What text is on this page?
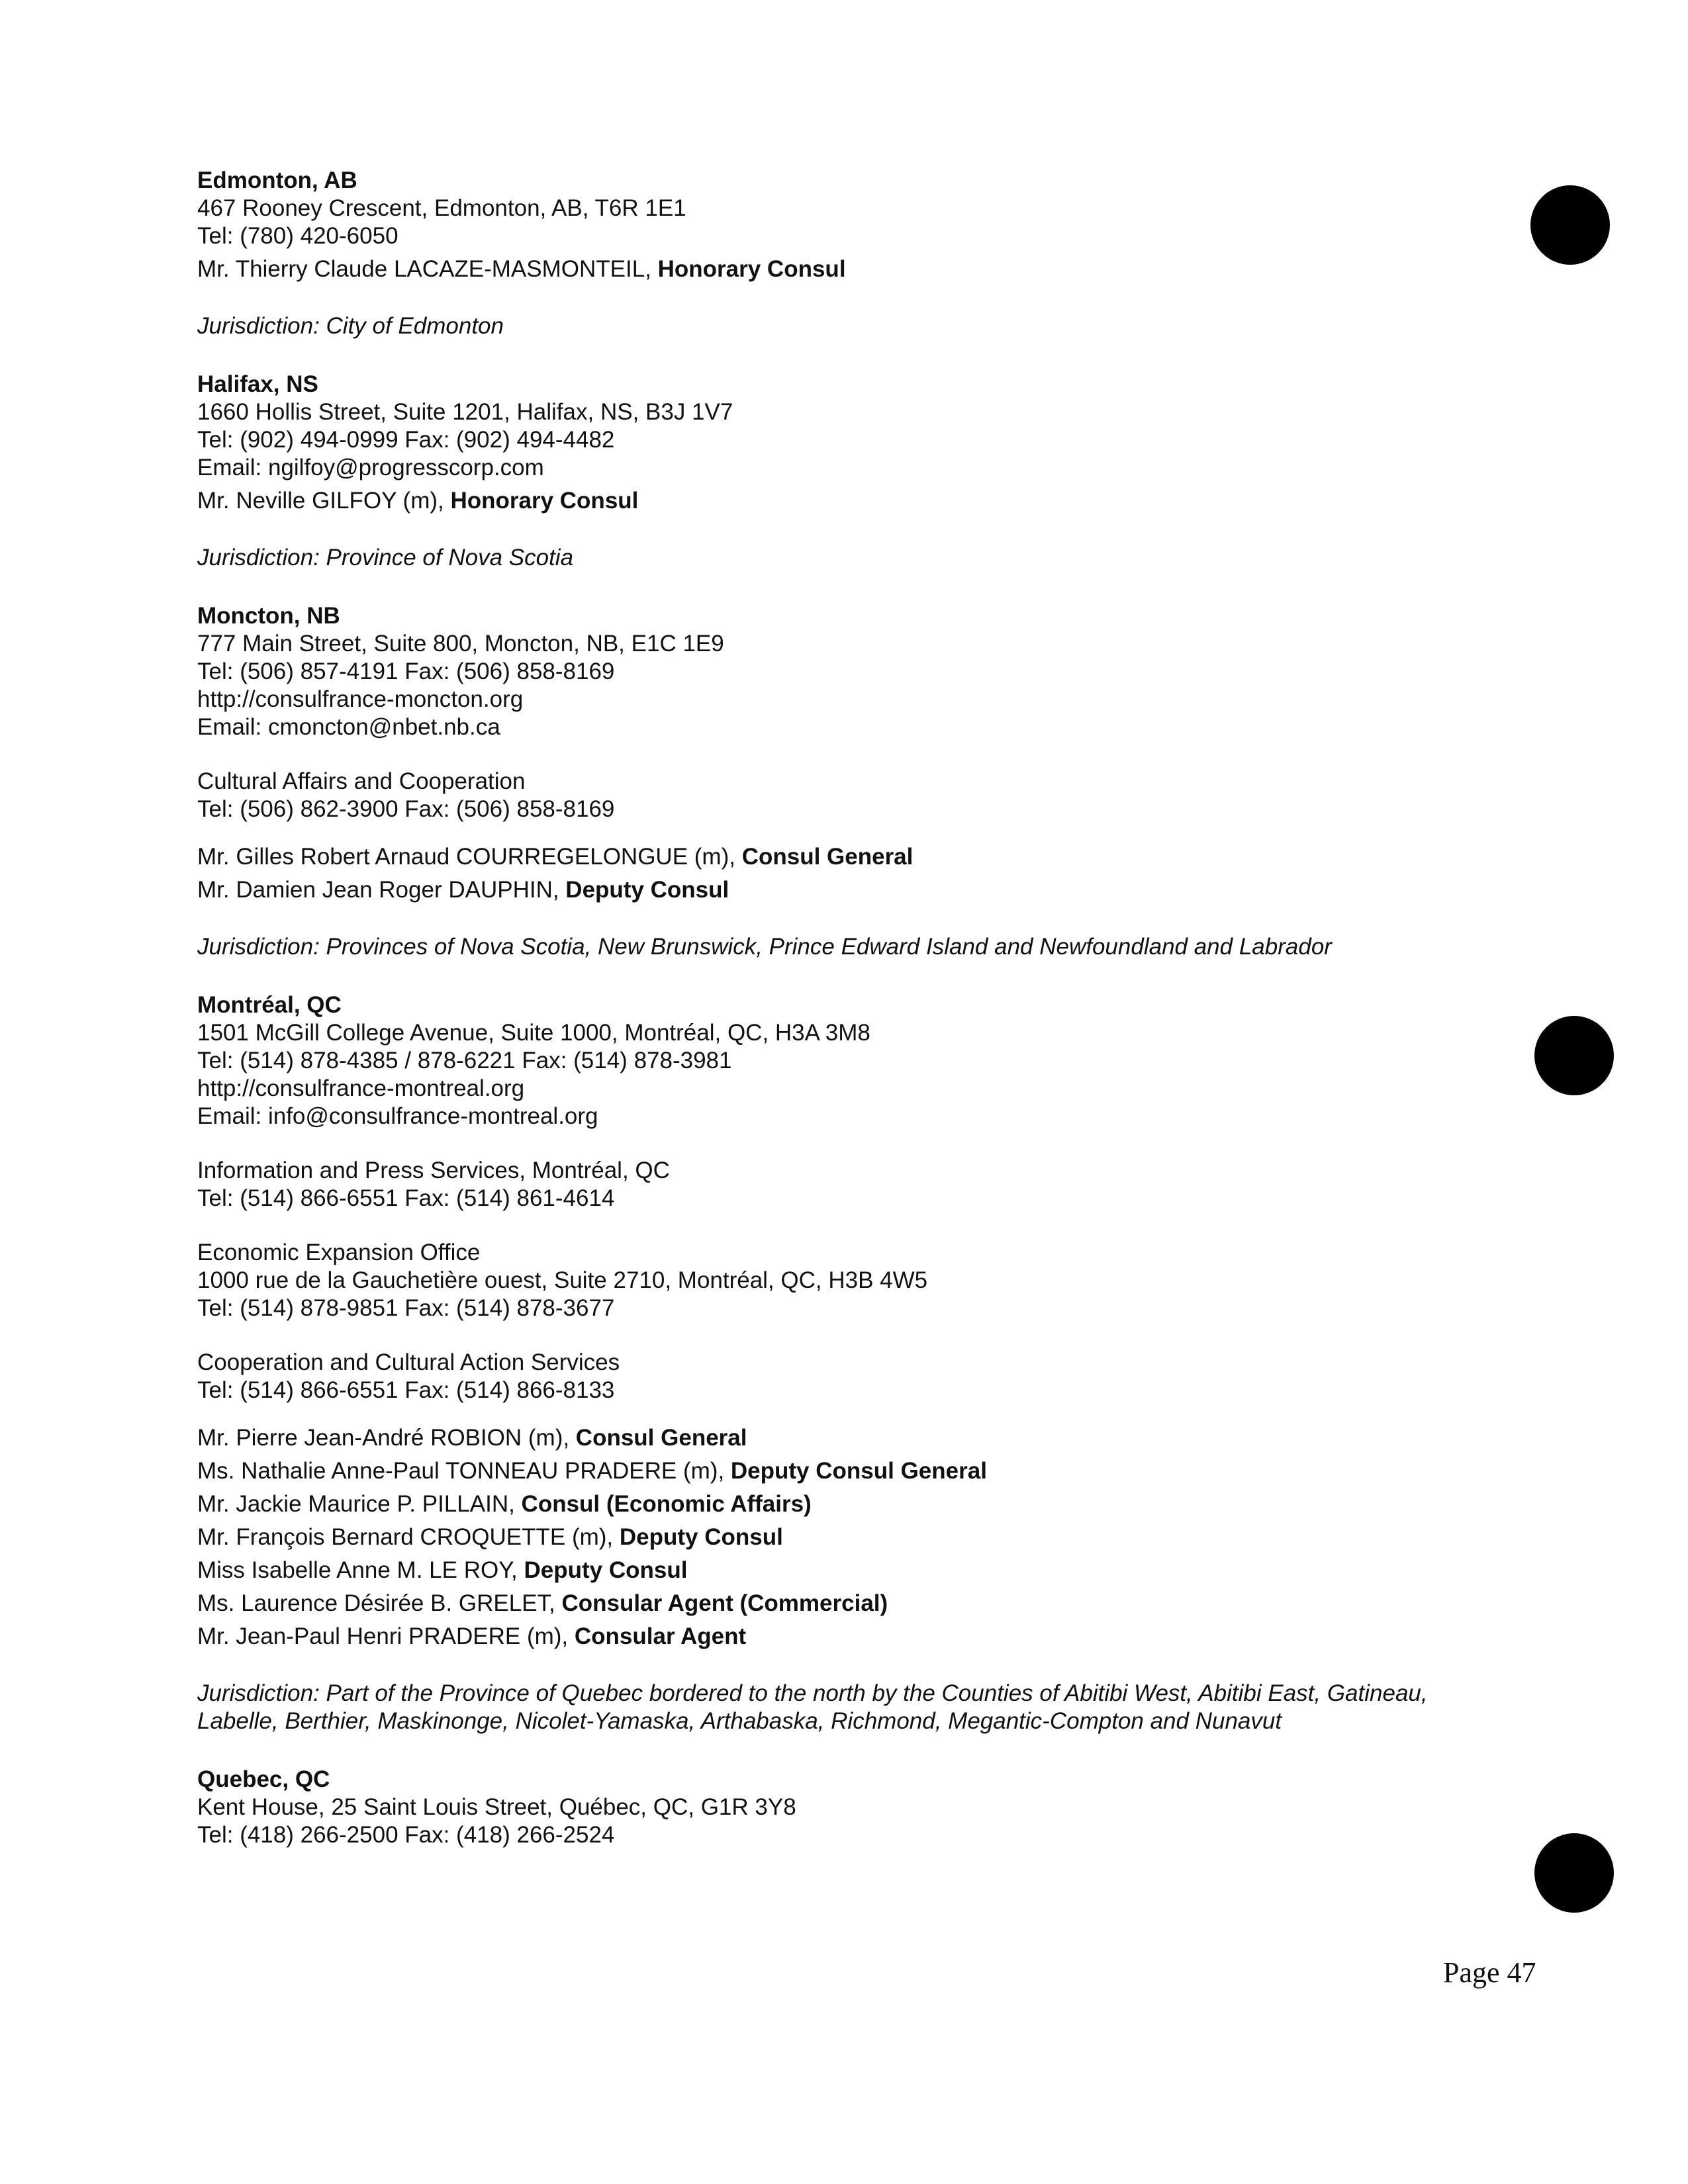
Edmonton, AB
467 Rooney Crescent, Edmonton, AB, T6R 1E1
Tel: (780) 420-6050
Mr. Thierry Claude LACAZE-MASMONTEIL, Honorary Consul
Jurisdiction: City of Edmonton
Halifax, NS
1660 Hollis Street, Suite 1201, Halifax, NS, B3J 1V7
Tel: (902) 494-0999 Fax: (902) 494-4482
Email: ngilfoy@progresscorp.com
Mr. Neville GILFOY (m), Honorary Consul
Jurisdiction: Province of Nova Scotia
Moncton, NB
777 Main Street, Suite 800, Moncton, NB, E1C 1E9
Tel: (506) 857-4191 Fax: (506) 858-8169
http://consulfrance-moncton.org
Email: cmoncton@nbet.nb.ca
Cultural Affairs and Cooperation
Tel: (506) 862-3900 Fax: (506) 858-8169
Mr. Gilles Robert Arnaud COURREGELONGUE (m), Consul General
Mr. Damien Jean Roger DAUPHIN, Deputy Consul
Jurisdiction: Provinces of Nova Scotia, New Brunswick, Prince Edward Island and Newfoundland and Labrador
Montréal, QC
1501 McGill College Avenue, Suite 1000, Montréal, QC, H3A 3M8
Tel: (514) 878-4385 / 878-6221 Fax: (514) 878-3981
http://consulfrance-montreal.org
Email: info@consulfrance-montreal.org
Information and Press Services, Montréal, QC
Tel: (514) 866-6551 Fax: (514) 861-4614
Economic Expansion Office
1000 rue de la Gauchetière ouest, Suite 2710, Montréal, QC, H3B 4W5
Tel: (514) 878-9851 Fax: (514) 878-3677
Cooperation and Cultural Action Services
Tel: (514) 866-6551 Fax: (514) 866-8133
Mr. Pierre Jean-André ROBION (m), Consul General
Ms. Nathalie Anne-Paul TONNEAU PRADERE (m), Deputy Consul General
Mr. Jackie Maurice P. PILLAIN, Consul (Economic Affairs)
Mr. François Bernard CROQUETTE (m), Deputy Consul
Miss Isabelle Anne M. LE ROY, Deputy Consul
Ms. Laurence Désirée B. GRELET, Consular Agent (Commercial)
Mr. Jean-Paul Henri PRADERE (m), Consular Agent
Jurisdiction: Part of the Province of Quebec bordered to the north by the Counties of Abitibi West, Abitibi East, Gatineau, Labelle, Berthier, Maskinonge, Nicolet-Yamaska, Arthabaska, Richmond, Megantic-Compton and Nunavut
Quebec, QC
Kent House, 25 Saint Louis Street, Québec, QC, G1R 3Y8
Tel: (418) 266-2500 Fax: (418) 266-2524
Page 47
